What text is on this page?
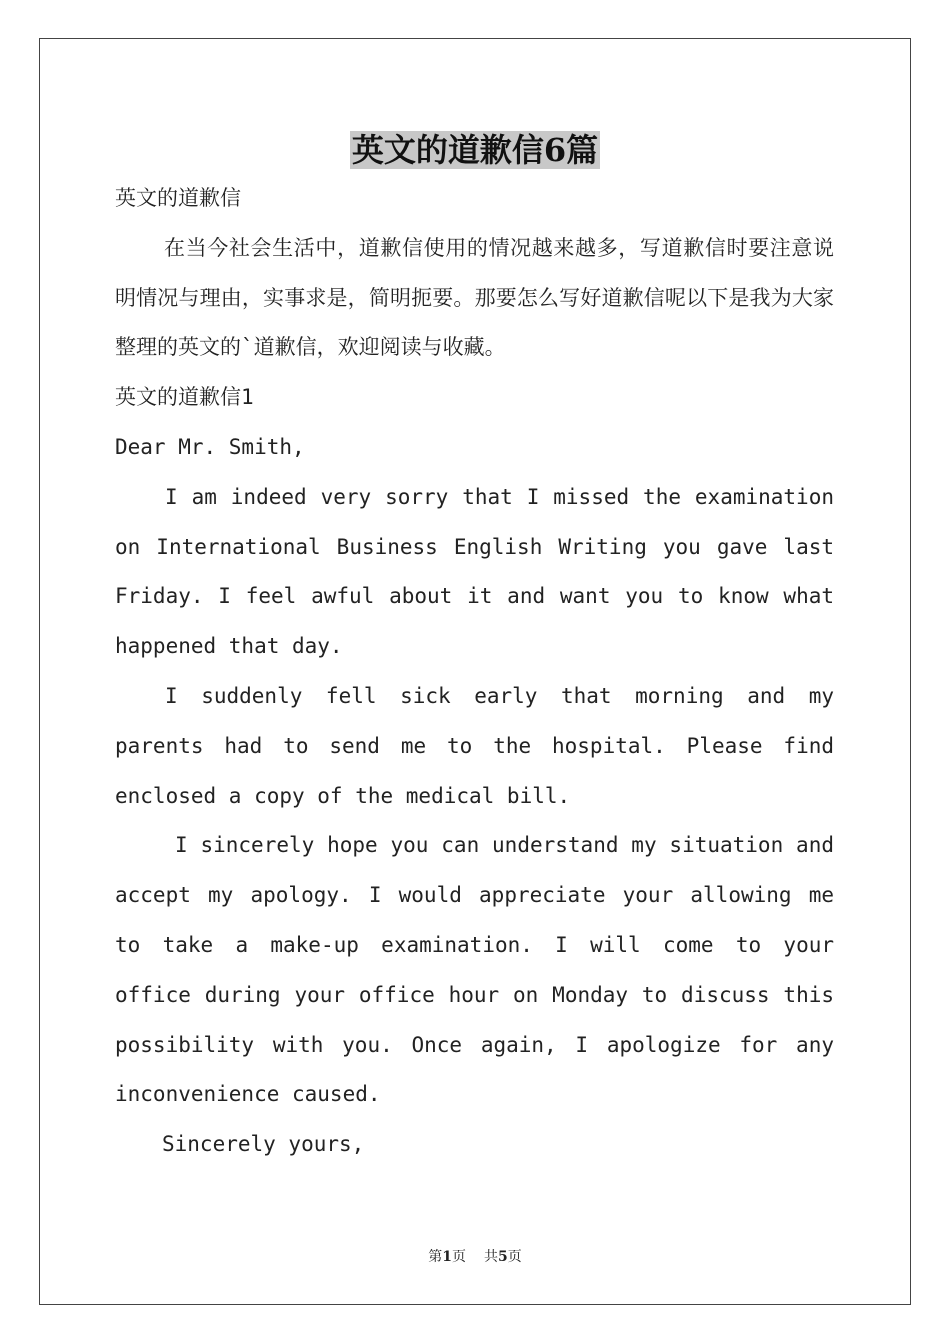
英文的道歉信6篇

英文的道歉信

在当今社会生活中，道歉信使用的情况越来越多，写道歉信时要注意说明情况与理由，实事求是，简明扼要。那要怎么写好道歉信呢以下是我为大家整理的英文的`道歉信，欢迎阅读与收藏。

英文的道歉信1

Dear Mr. Smith,

I am indeed very sorry that I missed the examination on International Business English Writing you gave last Friday. I feel awful about it and want you to know what happened that day.

I suddenly fell sick early that morning and my parents had to send me to the hospital. Please find enclosed a copy of the medical bill.

I sincerely hope you can understand my situation and accept my apology. I would appreciate your allowing me to take a make-up examination. I will come to your office during your office hour on Monday to discuss this possibility with you. Once again, I apologize for any inconvenience caused.

Sincerely yours,

第1页 共5页
